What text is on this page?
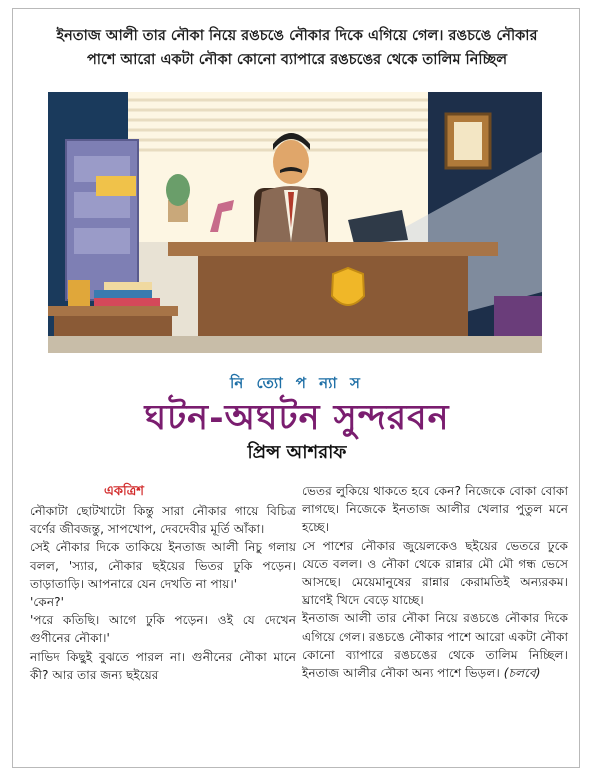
ইনতাজ আলী তার নৌকা নিয়ে রঙচঙে নৌকার দিকে এগিয়ে গেল। রঙচঙে নৌকার
পাশে আরো একটা নৌকা কোনো ব্যাপারে রঙচঙের থেকে তালিম নিচ্ছিল
নি ত্যো প ন্যা স
ঘটন-অঘটন সুন্দরবন
প্রিন্স আশরাফ
একত্রিশ

নৌকাটা ছোটখাটো কিন্তু সারা নৌকার গায়ে বিচিত্র বর্ণের জীবজন্তু, সাপখোপ, দেবদেবীর মূর্তি আঁকা।

সেই নৌকার দিকে তাকিয়ে ইনতাজ আলী নিচু গলায় বলল, 'স্যার, নৌকার ছইয়ের ভিতর ঢুকি পড়েন। তাড়াতাড়ি। আপনারে যেন দেখতি না পায়।'

'কেন?'

'পরে কতিছি। আগে ঢুকি পড়েন। ওই যে দেখেন গুণীনের নৌকা।'

নাভিদ কিছুই বুঝতে পারল না। গুনীনের নৌকা মানে কী? আর তার জন্য ছইয়ের

ভেতর লুকিয়ে থাকতে হবে কেন? নিজেকে বোকা বোকা লাগছে। নিজেকে ইনতাজ আলীর খেলার পুতুল মনে হচ্ছে।

সে পাশের নৌকার জুয়েলকেও ছইয়ের ভেতরে ঢুকে যেতে বলল। ও নৌকা থেকে রান্নার মৌ মৌ গন্ধ ভেসে আসছে। মেয়েমানুষের রান্নার কেরামতিই অন্যরকম। ঘ্রাণেই খিদে বেড়ে যাচ্ছে।

ইনতাজ আলী তার নৌকা নিয়ে রঙচঙে নৌকার দিকে এগিয়ে গেল। রঙচঙে নৌকার পাশে আরো একটা নৌকা কোনো ব্যাপারে রঙচঙের থেকে তালিম নিচ্ছিল। ইনতাজ আলীর নৌকা অন্য পাশে ভিড়ল। (চলবে)
